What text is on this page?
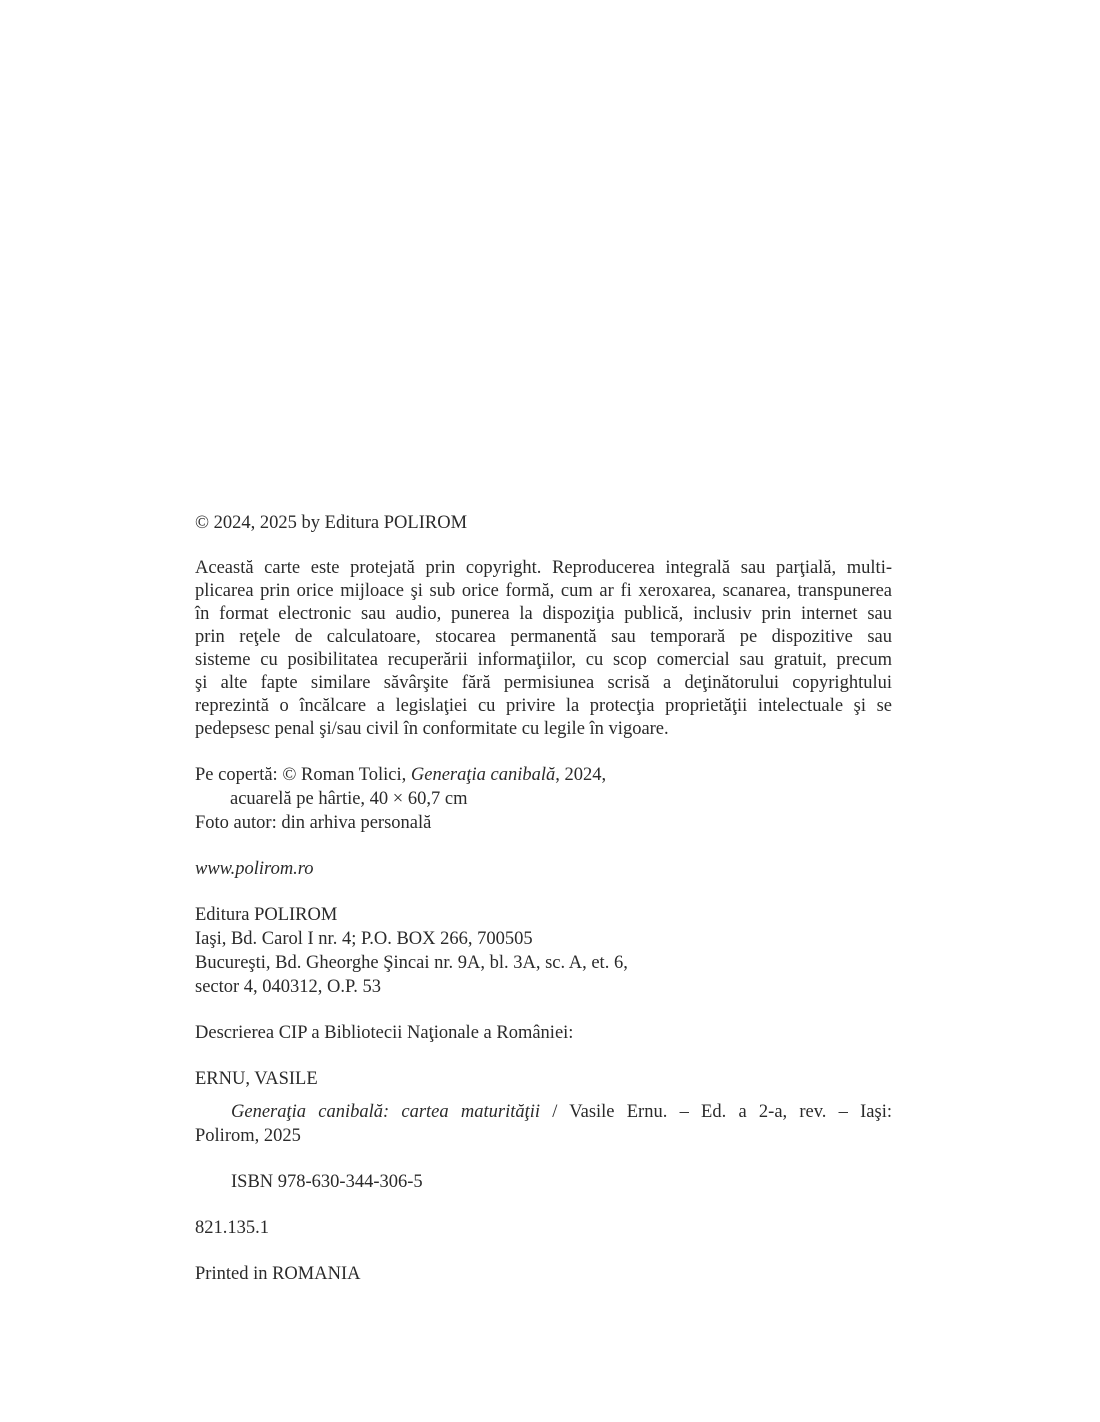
© 2024, 2025 by Editura POLIROM
Această carte este protejată prin copyright. Reproducerea integrală sau parţială, multi-
plicarea prin orice mijloace şi sub orice formă, cum ar fi xeroxarea, scanarea, transpunerea
în format electronic sau audio, punerea la dispoziţia publică, inclusiv prin internet sau
prin reţele de calculatoare, stocarea permanentă sau temporară pe dispozitive sau
sisteme cu posibilitatea recuperării informaţiilor, cu scop comercial sau gratuit, precum
şi alte fapte similare săvârşite fără permisiunea scrisă a deţinătorului copyrightului
reprezintă o încălcare a legislaţiei cu privire la protecţia proprietăţii intelectuale şi se
pedepsesc penal şi/sau civil în conformitate cu legile în vigoare.
Pe copertă: © Roman Tolici, Generaţia canibală, 2024,
acuarelă pe hârtie, 40 × 60,7 cm
Foto autor: din arhiva personală
www.polirom.ro
Editura POLIROM
Iaşi, Bd. Carol I nr. 4; P.O. BOX 266, 700505
Bucureşti, Bd. Gheorghe Şincai nr. 9A, bl. 3A, sc. A, et. 6,
sector 4, 040312, O.P. 53
Descrierea CIP a Bibliotecii Naţionale a României:
ERNU, VASILE
Generaţia canibală: cartea maturităţii / Vasile Ernu. – Ed. a 2-a, rev. – Iaşi:
Polirom, 2025
ISBN 978-630-344-306-5
821.135.1
Printed in ROMANIA
